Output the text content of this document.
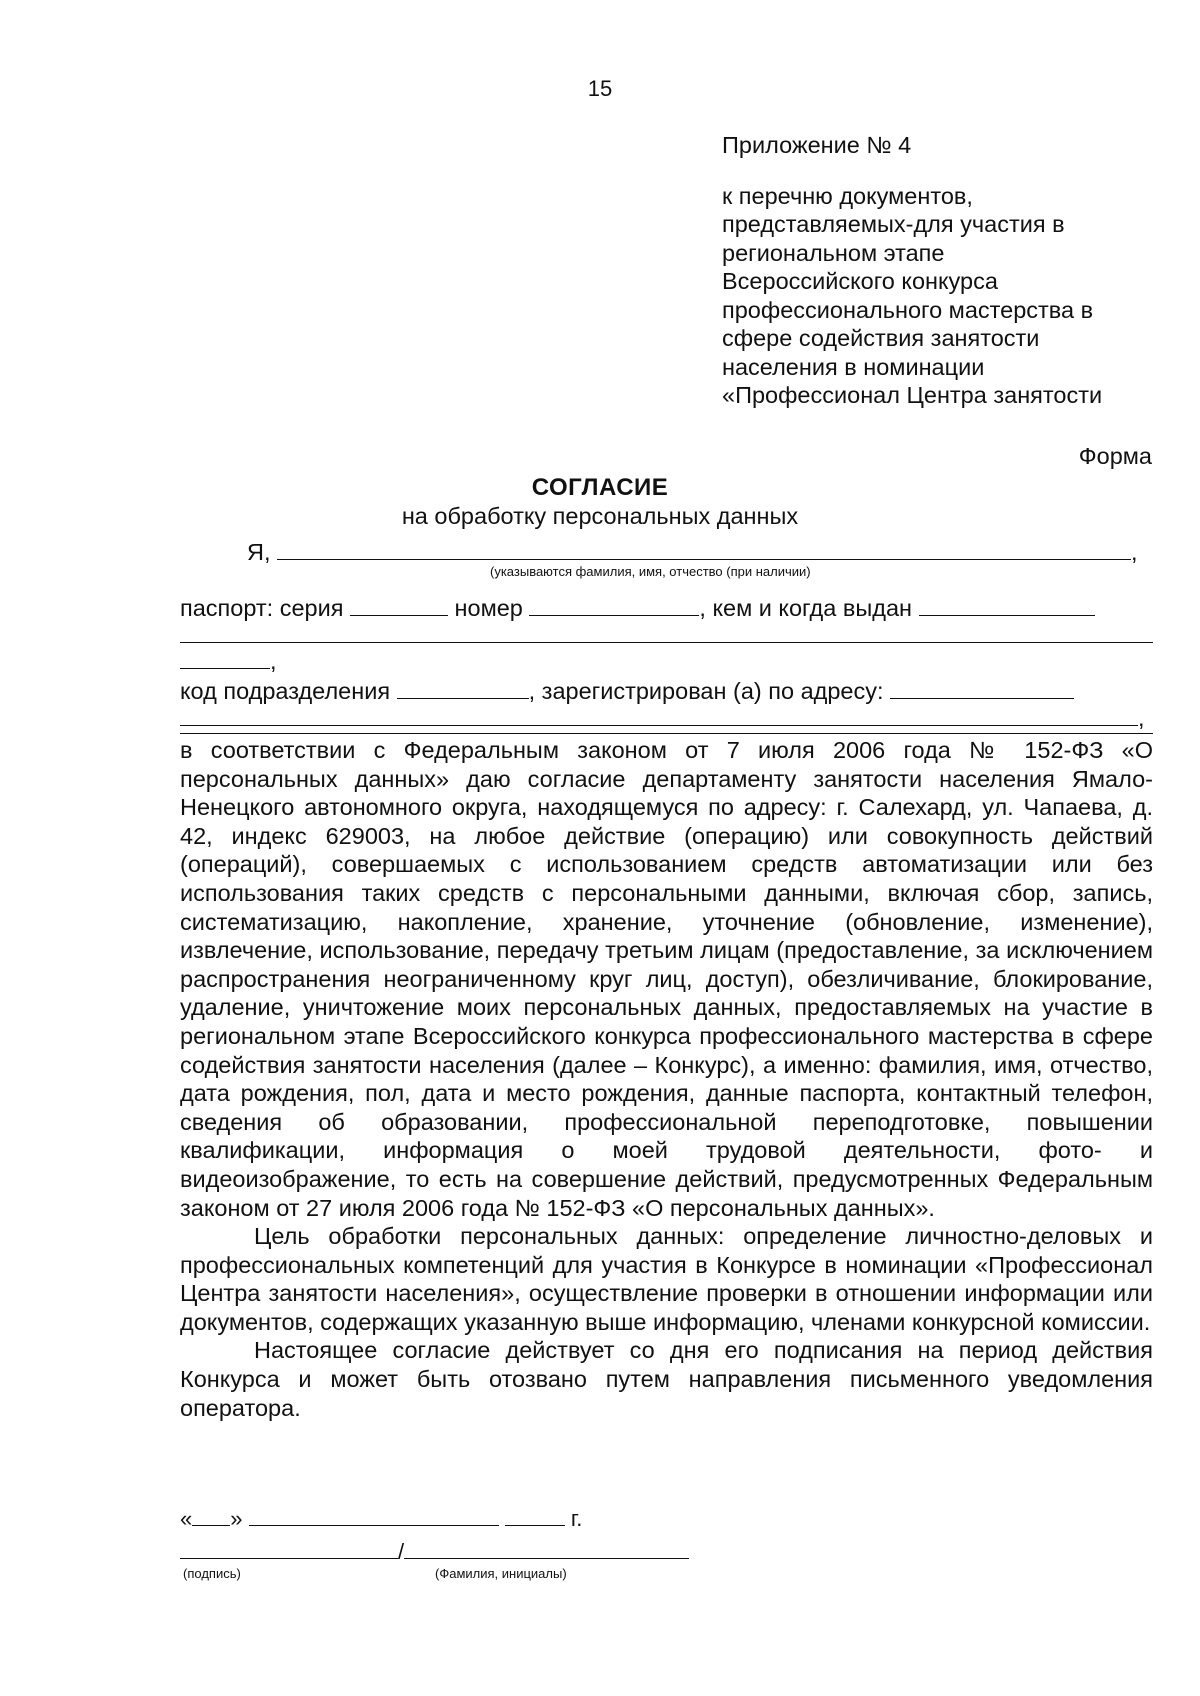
15
Приложение № 4
к перечню документов,
представляемых-для участия в
региональном этапе
Всероссийского конкурса
профессионального мастерства в
сфере содействия занятости
населения в номинации
«Профессионал Центра занятости
Форма
СОГЛАСИЕ
на обработку персональных данных
Я,	,
(указываются фамилия, имя, отчество (при наличии)
паспорт: серия	номер	, кем и когда выдан
,
код подразделения	, зарегистрирован (а) по адресу:
,

в соответствии с Федеральным законом от 7 июля 2006 года № 152-ФЗ «О персональных данных» даю согласие департаменту занятости населения Ямало-Ненецкого автономного округа, находящемуся по адресу: г. Салехард, ул. Чапаева, д. 42, индекс 629003, на любое действие (операцию) или совокупность действий (операций), совершаемых с использованием средств автоматизации или без использования таких средств с персональными данными, включая сбор, запись, систематизацию, накопление, хранение, уточнение (обновление, изменение), извлечение, использование, передачу третьим лицам (предоставление, за исключением распространения неограниченному круг лиц, доступ), обезличивание, блокирование, удаление, уничтожение моих персональных данных, предоставляемых на участие в региональном этапе Всероссийского конкурса профессионального мастерства в сфере содействия занятости населения (далее – Конкурс), а именно: фамилия, имя, отчество, дата рождения, пол, дата и место рождения, данные паспорта, контактный телефон, сведения об образовании, профессиональной переподготовке, повышении квалификации, информация о моей трудовой деятельности, фото- и видеоизображение, то есть на совершение действий, предусмотренных Федеральным законом от 27 июля 2006 года № 152-ФЗ «О персональных данных».

Цель обработки персональных данных: определение личностно-деловых и профессиональных компетенций для участия в Конкурсе в номинации «Профессионал Центра занятости населения», осуществление проверки в отношении информации или документов, содержащих указанную выше информацию, членами конкурсной комиссии.

Настоящее согласие действует со дня его подписания на период действия Конкурса и может быть отозвано путем направления письменного уведомления оператора.

« »	г.
/
(подпись)	(Фамилия, инициалы)
